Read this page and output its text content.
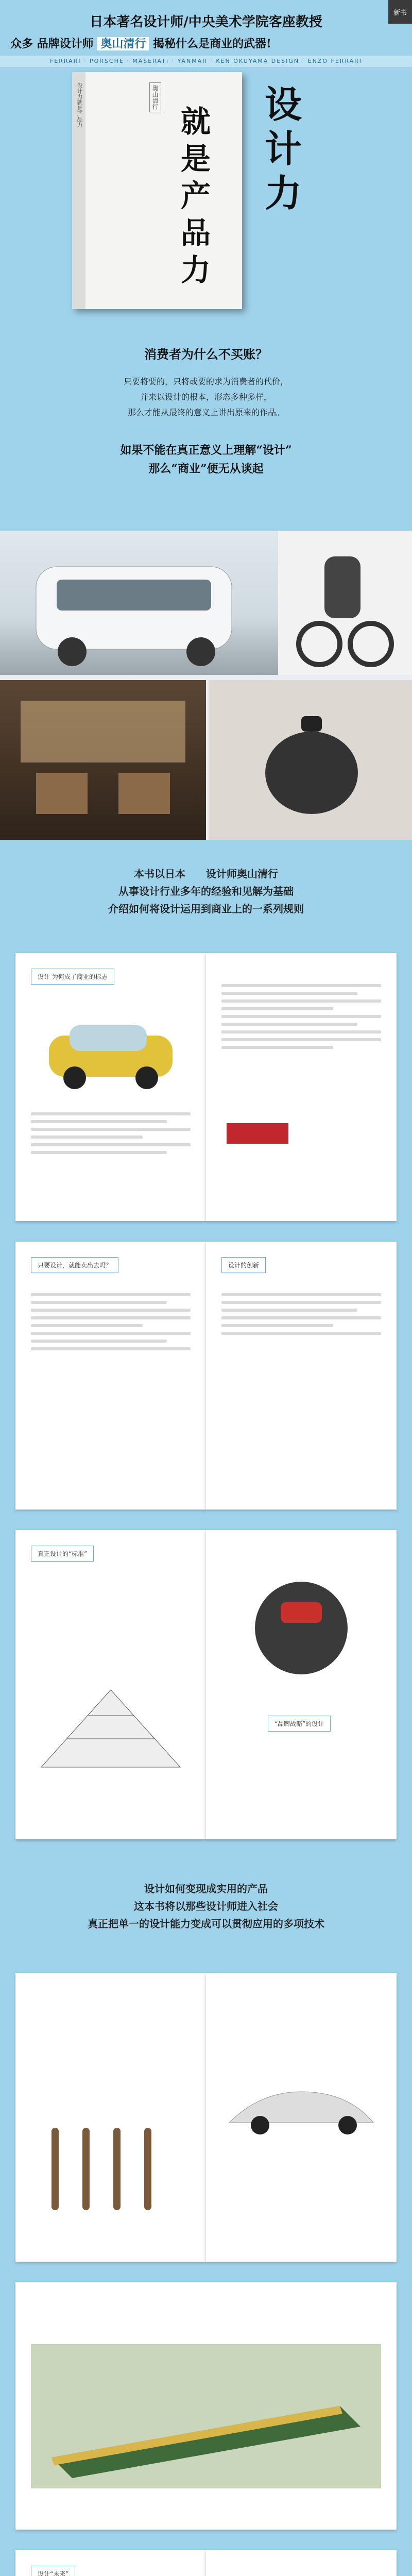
新书
日本著名设计师/中央美术学院客座教授
众多 品牌设计师 奥山清行 揭秘什么是商业的武器!
FERRARI · PORSCHE · MASERATI · YANMAR · KEN OKUYAMA DESIGN · ENZO FERRARI
设计力就是产品力	奥山清行	设
计
力
就
是
产
品
力
消费者为什么不买账？
只要将要的，只将或要的求为消费者的代价，
并来以设计的根本，形态多种多样，
那么才能从最终的意义上讲出原来的作品。
如果不能在真正意义上理解“设计”
那么“商业”便无从谈起
本书以日本　　设计师奥山清行
从事设计行业多年的经验和见解为基础
介绍如何将设计运用到商业上的一系列规则
设计 为何成了商业的标志
只要设计，就能卖出去吗？	设计的创新
真正设计的“标准”
“品牌战略”的设计
设计如何变现成实用的产品
这本书将以那些设计师进入社会
真正把单一的设计能力变成可以贯彻应用的多项技术
设计“未来”
